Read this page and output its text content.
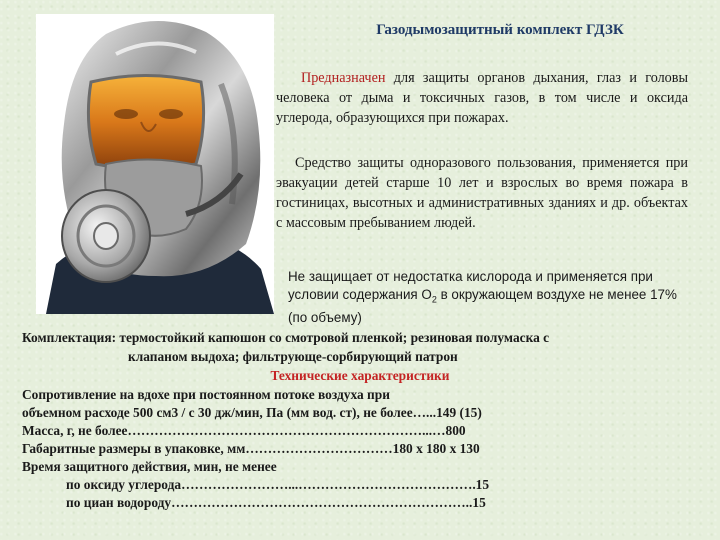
Газодымозащитный комплект ГДЗК
Предназначен для защиты органов дыхания, глаз и головы человека от дыма и токсичных газов, в том числе и оксида углерода, образующихся при пожарах.
Средство защиты одноразового пользования, применяется при эвакуации детей старше 10 лет и взрослых во время пожара в гостиницах, высотных и административных зданиях и др. объектах с массовым пребыванием людей.
Не защищает от недостатка кислорода и применяется при условии содержания $O_2$ в окружающем воздухе не менее 17% (по объему)
Комплектация: термостойкий капюшон со смотровой пленкой; резиновая полумаска с
клапаном выдоха; фильтрующе-сорбирующий патрон
Технические характеристики
Сопротивление на вдохе при постоянном потоке воздуха при
объемном расходе 500 см3 / с 30 дж/мин, Па (мм вод. ст), не более…...149 (15)
Масса, г, не более…………………………………………………………...…800
Габаритные размеры в упаковке, мм……………………………180 х 180 х 130
Время защитного действия, мин, не менее
по оксиду углерода……………………...………………………………….15
по циан водороду…………………………………………………………..15
